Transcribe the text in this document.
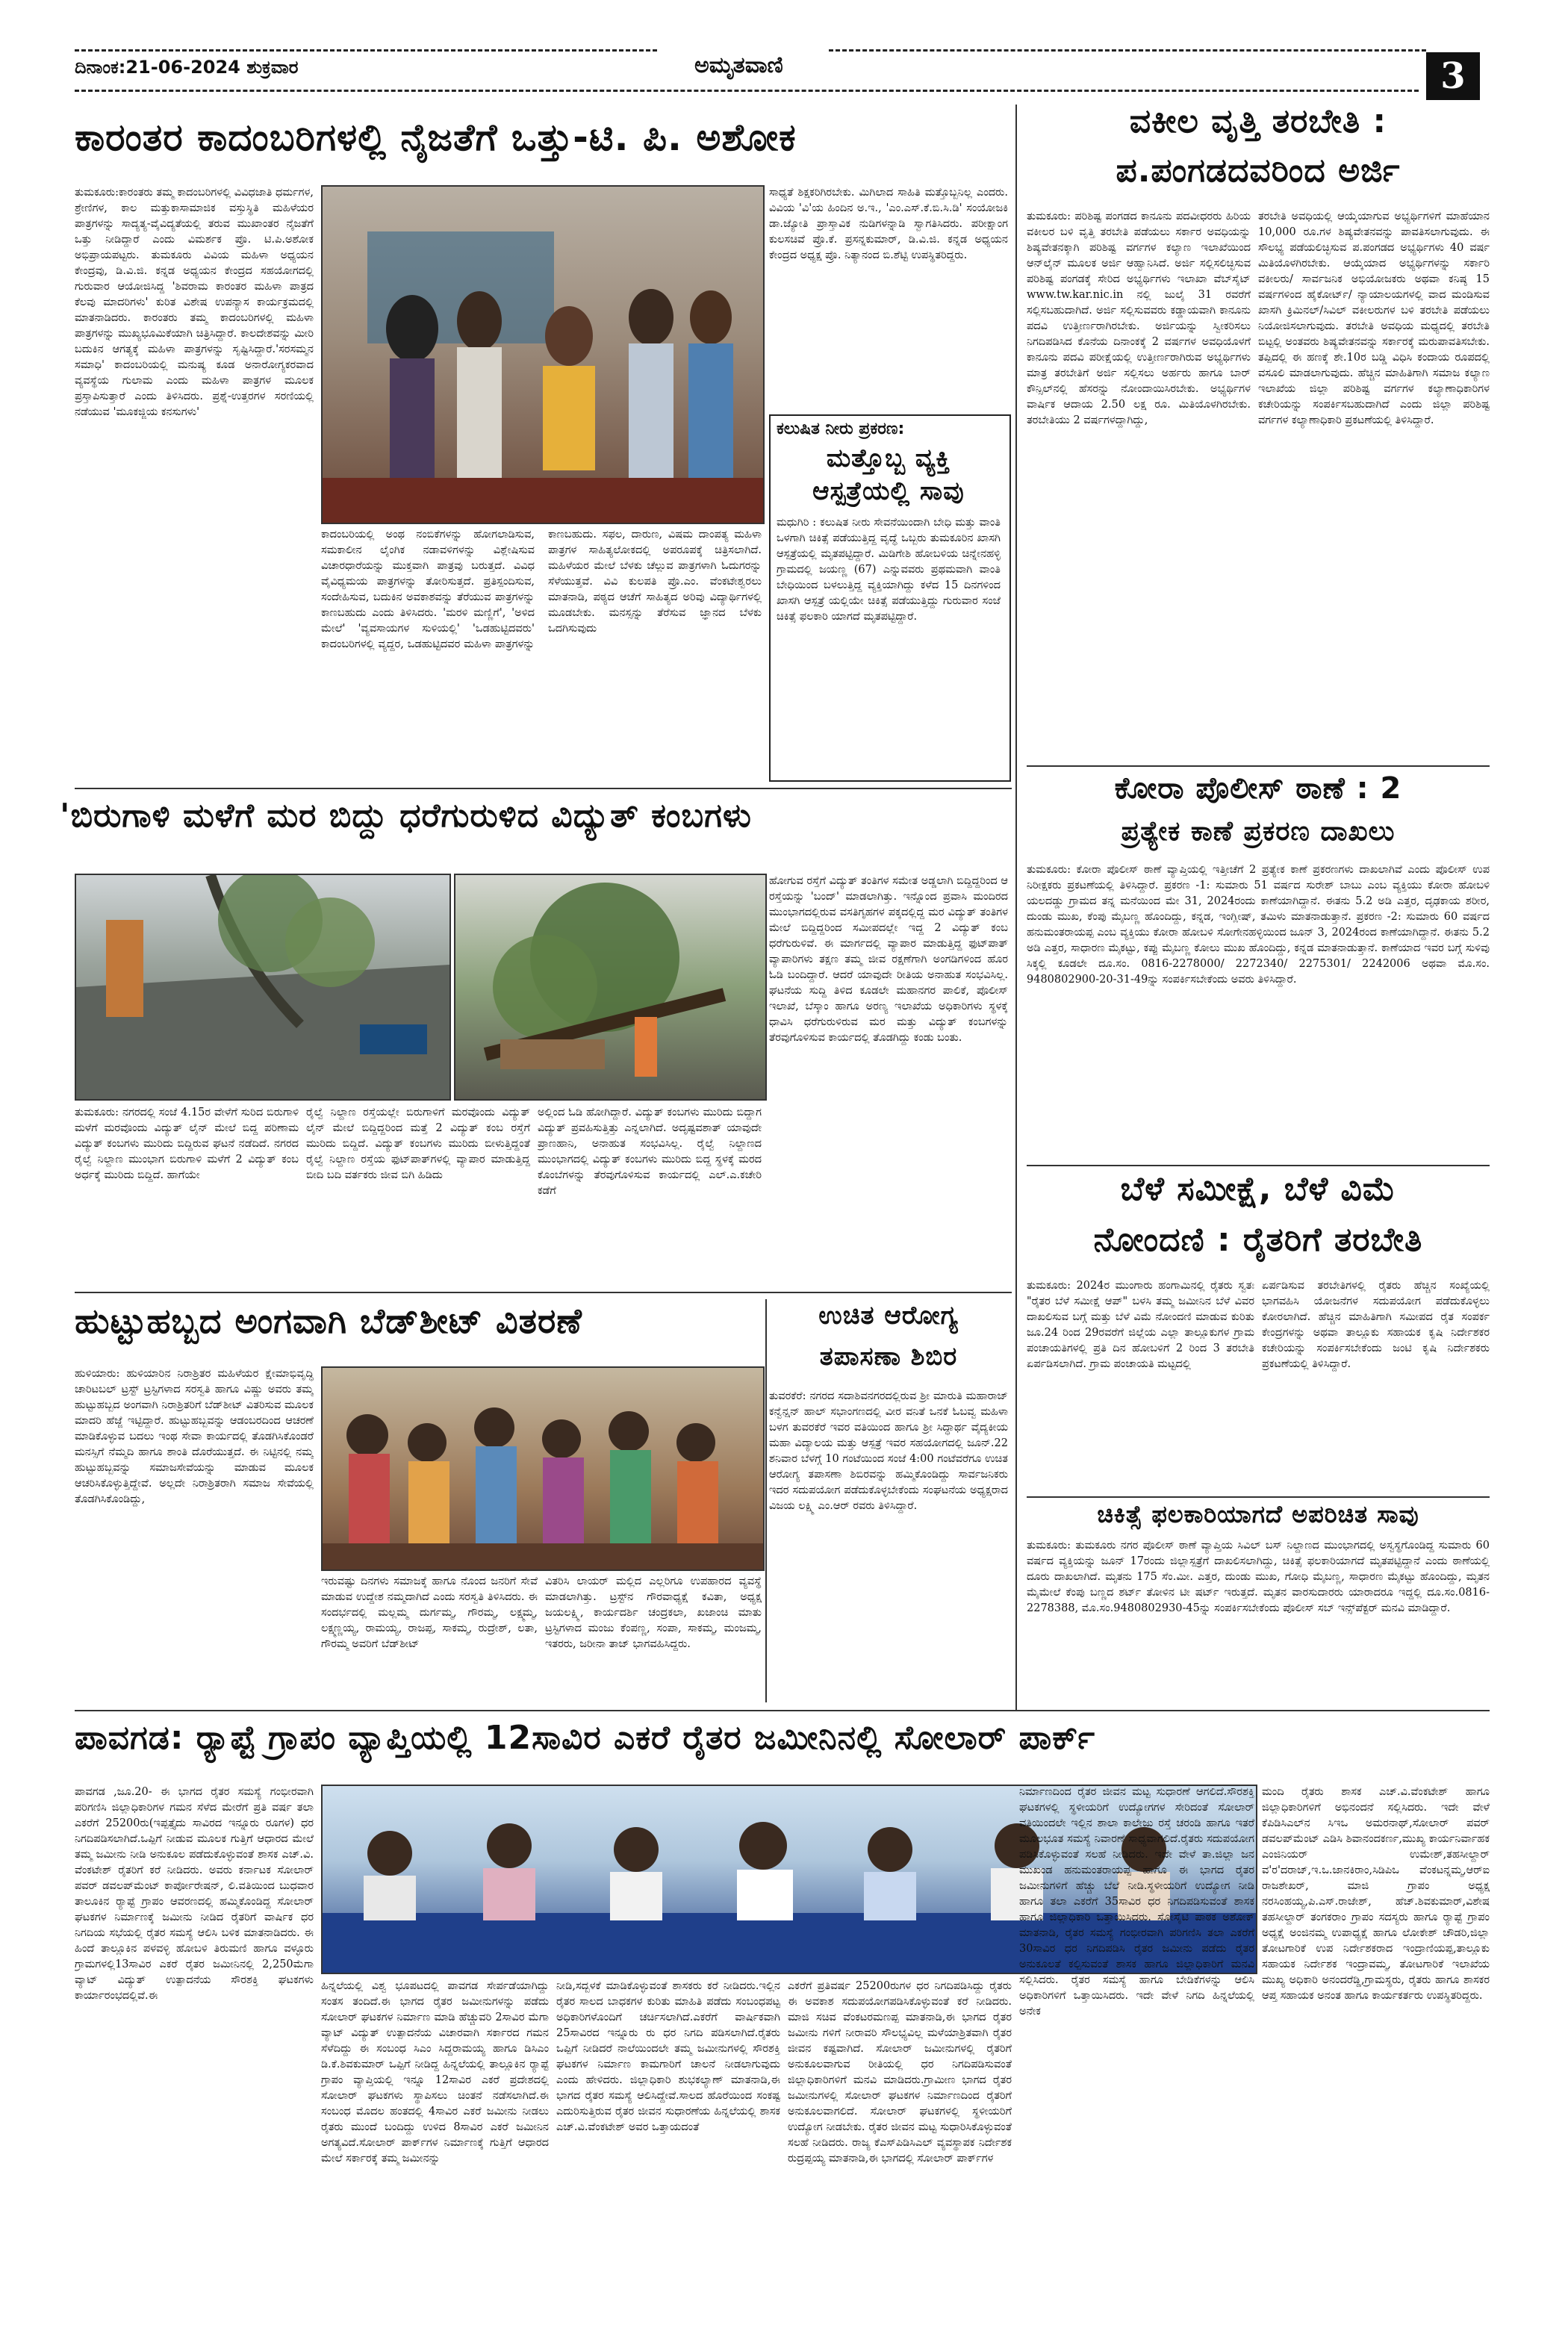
ದಿನಾಂಕ:21-06-2024 ಶುಕ್ರವಾರ	ಅಮೃತವಾಣಿ	3
ಕಾರಂತರ ಕಾದಂಬರಿಗಳಲ್ಲಿ ನೈಜತೆಗೆ ಒತ್ತು-ಟಿ. ಪಿ. ಅಶೋಕ
ತುಮಕೂರು:ಕಾರಂತರು ತಮ್ಮ ಕಾದಂಬರಿಗಳಲ್ಲಿ ವಿವಿಧಜಾತಿ ಧರ್ಮಗಳ, ಶ್ರೇಣಿಗಳ, ಕಾಲ ಮತ್ತುಕಾಸಾಮಾಜಿಕ ವಸ್ತುಸ್ಥಿತಿ ಮಹಿಳೆಯರ ಪಾತ್ರಗಳನ್ನು ಸಾದ್ಯತ್ಯ-ವೈವಿದ್ಯತೆಯಲ್ಲಿ ತರುವ ಮುಖಾಂತರ ನೈಜತೆಗೆ ಒತ್ತು ನೀಡಿದ್ದಾರೆ ಎಂದು ವಿಮರ್ಶಕ ಪ್ರೊ. ಟಿ.ಪಿ.ಅಶೋಕ ಅಭಿಪ್ರಾಯಪಟ್ಟರು. ತುಮಕೂರು ವಿವಿಯ ಮಹಿಳಾ ಅಧ್ಯಯನ ಕೇಂದ್ರವು, ಡಿ.ವಿ.ಜಿ. ಕನ್ನಡ ಅಧ್ಯಯನ ಕೇಂದ್ರದ ಸಹಯೋಗದಲ್ಲಿ ಗುರುವಾರ ಆಯೋಜಿಸಿದ್ದ 'ಶಿವರಾಮ ಕಾರಂತರ ಮಹಿಳಾ ಪಾತ್ರದ ಕೆಲವು ಮಾದರಿಗಳು' ಕುರಿತ ವಿಶೇಷ ಉಪನ್ಯಾಸ ಕಾರ್ಯಕ್ರಮದಲ್ಲಿ ಮಾತನಾಡಿದರು. ಕಾರಂತರು ತಮ್ಮ ಕಾದಂಬರಿಗಳಲ್ಲಿ ಮಹಿಳಾ ಪಾತ್ರಗಳನ್ನು ಮುಖ್ಯಭೂಮಿಕೆಯಾಗಿ ಚಿತ್ರಿಸಿದ್ದಾರೆ. ಕಾಲದೇಶವನ್ನು ಮೀರಿ ಬದುಕಿನ ಆಗತ್ಯಕ್ಕೆ ಮಹಿಳಾ ಪಾತ್ರಗಳನ್ನು ಸೃಷ್ಟಿಸಿದ್ದಾರೆ.'ಸರಸಮ್ಮನ ಸಮಾಧಿ' ಕಾದಂಬರಿಯಲ್ಲಿ ಮನುಷ್ಯ ಕೂಡ ಅನಾರೋಗ್ಯಕರವಾದ ವ್ಯವಸ್ಥೆಯ ಗುಲಾಮ ಎಂದು ಮಹಿಳಾ ಪಾತ್ರಗಳ ಮೂಲಕ ಪ್ರಸ್ತಾಪಿಸುತ್ತಾರೆ ಎಂದು ತಿಳಿಸಿದರು. ಪ್ರಶ್ನೆ-ಉತ್ತರಗಳ ಸರಣಿಯಲ್ಲಿ ನಡೆಯುವ 'ಮೂಕಜ್ಜಿಯ ಕನಸುಗಳು'
ಕಾದಂಬರಿಯಲ್ಲಿ ಅಂಥ ನಂಬಿಕೆಗಳನ್ನು ಹೋಗಲಾಡಿಸುವ, ಸಮಕಾಲೀನ ಲೈಂಗಿಕ ನಡಾವಳಿಗಳನ್ನು ವಿಶ್ಲೇಷಿಸುವ ವಿಚಾರಧಾರೆಯನ್ನು ಮುಕ್ತವಾಗಿ ಪಾತ್ರವು ಬರುತ್ತದೆ. ವಿವಿಧ ವೈವಿಧ್ಯಮಯ ಪಾತ್ರಗಳನ್ನು ತೋರಿಸುತ್ತದೆ. ಪ್ರತಿಸ್ಪಂದಿಸುವ, ಸಂದೇಹಿಸುವ, ಬದುಕಿನ ಅವಕಾಶವನ್ನು ತೆರೆಯುವ ಪಾತ್ರಗಳನ್ನು ಕಾಣಬಹುದು ಎಂದು ತಿಳಿಸಿದರು. 'ಮರಳಿ ಮಣ್ಣಿಗೆ', 'ಅಳಿದ ಮೇಲೆ' 'ವ್ಯವಸಾಯಗಳ ಸುಳಿಯಲ್ಲಿ' 'ಒಡಹುಟ್ಟಿದವರು' ಕಾದಂಬರಿಗಳಲ್ಲಿ ವ್ಯದ್ದರ, ಒಡಹುಟ್ಟಿದವರ ಮಹಿಳಾ ಪಾತ್ರಗಳನ್ನು ಕಾಣಬಹುದು. ಸಫಲ, ದಾರುಣ, ವಿಷಮ ದಾಂಪತ್ಯ ಮಹಿಳಾ ಪಾತ್ರಗಳ ಸಾಹಿತ್ಯಲೋಕದಲ್ಲಿ ಅಪರೂಪಕ್ಕೆ ಚಿತ್ರಿಸಲಾಗಿದೆ. ಮಹಿಳೆಯರ ಮೇಲೆ ಬೆಳಕು ಚೆಲ್ಲುವ ಪಾತ್ರಗಳಾಗಿ ಓದುಗರನ್ನು ಸೆಳೆಯುತ್ತವೆ. ವಿವಿ ಕುಲಪತಿ ಪ್ರೊ.ಎಂ. ವೆಂಕಟೇಶ್ವರಲು ಮಾತನಾಡಿ, ಪಠ್ಯದ ಆಚೆಗೆ ಸಾಹಿತ್ಯದ ಅರಿವು ವಿದ್ಯಾರ್ಥಿಗಳಲ್ಲಿ ಮೂಡಬೇಕು. ಮನಸ್ಸನ್ನು ತೆರೆಸುವ ಜ್ಞಾನದ ಬೆಳಕು ಒದಗಿಸುವುದು
ಸಾಧ್ಯತೆ ಶಿಕ್ಷಕರಿಗಿರಬೇಕು. ಮಿಗಿಲಾದ ಸಾಹಿತಿ ಮತ್ತೊಬ್ಬನಿಲ್ಲ ಎಂದರು. ವಿವಿಯ 'ವಿ'ಯ ಹಿಂದಿನ ಅ.ಇ., 'ಎಂ.ಎಸ್.ಕೆ.ಬಿ.ಸಿ.ಡಿ' ಸಂಯೋಜಕಿ ಡಾ.ಜ್ಯೋತಿ ಪ್ರಾಸ್ತಾವಿಕ ನುಡಿಗಳನ್ನಾಡಿ ಸ್ವಾಗತಿಸಿದರು. ಪರೀಕ್ಷಾಂಗ ಕುಲಸಚಿವೆ ಪ್ರೊ.ಕೆ. ಪ್ರಸನ್ನಕುಮಾರ್, ಡಿ.ವಿ.ಜಿ. ಕನ್ನಡ ಅಧ್ಯಯನ ಕೇಂದ್ರದ ಅಧ್ಯಕ್ಷ ಪ್ರೊ. ನಿತ್ಯಾನಂದ ಬಿ.ಶೆಟ್ಟಿ ಉಪಸ್ಥಿತರಿದ್ದರು.
ಕಲುಷಿತ ನೀರು ಪ್ರಕರಣ:
ಮತ್ತೊಬ್ಬ ವ್ಯಕ್ತಿ ಆಸ್ಪತ್ರೆಯಲ್ಲಿ ಸಾವು
ಮಧುಗಿರಿ : ಕಲುಷಿತ ನೀರು ಸೇವನೆಯಿಂದಾಗಿ ಬೇಧಿ ಮತ್ತು ವಾಂತಿ ಒಳಗಾಗಿ ಚಿಕಿತ್ಸೆ ಪಡೆಯುತ್ತಿದ್ದ ವೃದ್ಧೆ ಒಬ್ಬರು ತುಮಕೂರಿನ ಖಾಸಗಿ ಆಸ್ಪತ್ರೆಯಲ್ಲಿ ಮೃತಪಟ್ಟಿದ್ದಾರೆ. ಮಿಡಿಗೇಶಿ ಹೋಬಳಿಯ ಚಿನ್ನೇನಹಳ್ಳಿ ಗ್ರಾಮದಲ್ಲಿ ಜಯಣ್ಣ (67) ಎನ್ನುವವರು ಪ್ರಥಮವಾಗಿ ವಾಂತಿ ಬೇಧಿಯಿಂದ ಬಳಲುತ್ತಿದ್ದ ವ್ಯಕ್ತಿಯಾಗಿದ್ದು ಕಳೆದ 15 ದಿನಗಳಿಂದ ಖಾಸಗಿ ಆಸ್ಪತ್ರೆ ಯಲ್ಲಿಯೇ ಚಿಕಿತ್ಸೆ ಪಡೆಯುತ್ತಿದ್ದು ಗುರುವಾರ ಸಂಜೆ ಚಿಕಿತ್ಸೆ ಫಲಕಾರಿ ಯಾಗದೆ ಮೃತಪಟ್ಟಿದ್ದಾರೆ.
ವಕೀಲ ವೃತ್ತಿ ತರಬೇತಿ :
ಪ.ಪಂಗಡದವರಿಂದ ಅರ್ಜಿ
ತುಮಕೂರು: ಪರಿಶಿಷ್ಟ ಪಂಗಡದ ಕಾನೂನು ಪದವೀಧರರು ಹಿರಿಯ ವಕೀಲರ ಬಳಿ ವೃತ್ತಿ ತರಬೇತಿ ಪಡೆಯಲು ಸರ್ಕಾರ ಅವಧಿಯನ್ನು ಶಿಷ್ಯವೇತನಕ್ಕಾಗಿ ಪರಿಶಿಷ್ಟ ವರ್ಗಗಳ ಕಲ್ಯಾಣ ಇಲಾಖೆಯಿಂದ ಆನ್‌ಲೈನ್ ಮೂಲಕ ಅರ್ಜಿ ಆಹ್ವಾನಿಸಿದೆ. ಅರ್ಜಿ ಸಲ್ಲಿಸಲಿಚ್ಛಿಸುವ ಪರಿಶಿಷ್ಟ ಪಂಗಡಕ್ಕೆ ಸೇರಿದ ಅಭ್ಯರ್ಥಿಗಳು ಇಲಾಖಾ ವೆಬ್‌ಸೈಟ್ www.tw.kar.nic.in ನಲ್ಲಿ ಜುಲೈ 31 ರವರೆಗೆ ಸಲ್ಲಿಸಬಹುದಾಗಿದೆ. ಅರ್ಜಿ ಸಲ್ಲಿಸುವವರು ಕಡ್ಡಾಯವಾಗಿ ಕಾನೂನು ಪದವಿ ಉತ್ತೀರ್ಣರಾಗಿರಬೇಕು. ಅರ್ಜಿಯನ್ನು ಸ್ವೀಕರಿಸಲು ನಿಗದಿಪಡಿಸಿದ ಕೊನೆಯ ದಿನಾಂಕಕ್ಕೆ 2 ವರ್ಷಗಳ ಅವಧಿಯೊಳಗೆ ಕಾನೂನು ಪದವಿ ಪರೀಕ್ಷೆಯಲ್ಲಿ ಉತ್ತೀರ್ಣರಾಗಿರುವ ಅಭ್ಯರ್ಥಿಗಳು ಮಾತ್ರ ತರಬೇತಿಗೆ ಅರ್ಜಿ ಸಲ್ಲಿಸಲು ಅರ್ಹರು ಹಾಗೂ ಬಾರ್ ಕೌನ್ಸಿಲ್‌ನಲ್ಲಿ ಹೆಸರನ್ನು ನೋಂದಾಯಿಸಿರಬೇಕು. ಅಭ್ಯರ್ಥಿಗಳ ವಾರ್ಷಿಕ ಆದಾಯ 2.50 ಲಕ್ಷ ರೂ. ಮಿತಿಯೊಳಗಿರಬೇಕು. ತರಬೇತಿಯು 2 ವರ್ಷಗಳದ್ದಾಗಿದ್ದು,
ತರಬೇತಿ ಅವಧಿಯಲ್ಲಿ ಆಯ್ಕೆಯಾಗುವ ಅಭ್ಯರ್ಥಿಗಳಿಗೆ ಮಾಹೆಯಾನ 10,000 ರೂ.ಗಳ ಶಿಷ್ಯವೇತನವನ್ನು ಪಾವತಿಸಲಾಗುವುದು. ಈ ಸೌಲಭ್ಯ ಪಡೆಯಲಿಚ್ಛಿಸುವ ಪ.ಪಂಗಡದ ಅಭ್ಯರ್ಥಿಗಳು 40 ವರ್ಷ ಮಿತಿಯೊಳಗಿರಬೇಕು. ಆಯ್ಕೆಯಾದ ಅಭ್ಯರ್ಥಿಗಳನ್ನು ಸರ್ಕಾರಿ ವಕೀಲರು/ ಸಾರ್ವಜನಿಕ ಅಭಿಯೋಜಕರು ಅಥವಾ ಕನಿಷ್ಠ 15 ವರ್ಷಗಳಿಂದ ಹೈಕೋರ್ಟ್/ ನ್ಯಾಯಾಲಯಗಳಲ್ಲಿ ವಾದ ಮಂಡಿಸುವ ಖಾಸಗಿ ಕ್ರಿಮಿನಲ್/ಸಿವಿಲ್ ವಕೀಲರುಗಳ ಬಳಿ ತರಬೇತಿ ಪಡೆಯಲು ನಿಯೋಜಿಸಲಾಗುವುದು. ತರಬೇತಿ ಅವಧಿಯ ಮಧ್ಯದಲ್ಲಿ ತರಬೇತಿ ಬಿಟ್ಟಲ್ಲಿ ಅಂತವರು ಶಿಷ್ಯವೇತನವನ್ನು ಸರ್ಕಾರಕ್ಕೆ ಮರುಪಾವತಿಸಬೇಕು. ತಪ್ಪಿದಲ್ಲಿ ಈ ಹಣಕ್ಕೆ ಶೇ.10ರ ಬಡ್ಡಿ ವಿಧಿಸಿ ಕಂದಾಯ ರೂಪದಲ್ಲಿ ವಸೂಲಿ ಮಾಡಲಾಗುವುದು. ಹೆಚ್ಚಿನ ಮಾಹಿತಿಗಾಗಿ ಸಮಾಜ ಕಲ್ಯಾಣ ಇಲಾಖೆಯ ಜಿಲ್ಲಾ ಪರಿಶಿಷ್ಟ ವರ್ಗಗಳ ಕಲ್ಯಾಣಾಧಿಕಾರಿಗಳ ಕಚೇರಿಯನ್ನು ಸಂಪರ್ಕಿಸಬಹುದಾಗಿದೆ ಎಂದು ಜಿಲ್ಲಾ ಪರಿಶಿಷ್ಟ ವರ್ಗಗಳ ಕಲ್ಯಾಣಾಧಿಕಾರಿ ಪ್ರಕಟಣೆಯಲ್ಲಿ ತಿಳಿಸಿದ್ದಾರೆ.
ಕೋರಾ ಪೊಲೀಸ್ ಠಾಣೆ : 2
ಪ್ರತ್ಯೇಕ ಕಾಣೆ ಪ್ರಕರಣ ದಾಖಲು
ತುಮಕೂರು: ಕೋರಾ ಪೊಲೀಸ್ ಠಾಣೆ ವ್ಯಾಪ್ತಿಯಲ್ಲಿ ಇತ್ತೀಚೆಗೆ 2 ಪ್ರತ್ಯೇಕ ಕಾಣೆ ಪ್ರಕರಣಗಳು ದಾಖಲಾಗಿವೆ ಎಂದು ಪೊಲೀಸ್ ಉಪ ನಿರೀಕ್ಷಕರು ಪ್ರಕಟಣೆಯಲ್ಲಿ ತಿಳಿಸಿದ್ದಾರೆ. ಪ್ರಕರಣ -1: ಸುಮಾರು 51 ವರ್ಷದ ಸುರೇಶ್ ಬಾಬು ಎಂಬ ವ್ಯಕ್ತಿಯು ಕೋರಾ ಹೋಬಳಿ ಯಲದಡ್ಡು ಗ್ರಾಮದ ತನ್ನ ಮನೆಯಿಂದ ಮೇ 31, 2024ರಂದು ಕಾಣೆಯಾಗಿದ್ದಾನೆ. ಈತನು 5.2 ಅಡಿ ಎತ್ತರ, ದೃಢಕಾಯ ಶರೀರ, ದುಂಡು ಮುಖ, ಕೆಂಪು ಮೈಬಣ್ಣ ಹೊಂದಿದ್ದು, ಕನ್ನಡ, ಇಂಗ್ಲೀಷ್, ತಮಿಳು ಮಾತನಾಡುತ್ತಾನೆ. ಪ್ರಕರಣ -2: ಸುಮಾರು 60 ವರ್ಷದ ಹನುಮಂತರಾಯಪ್ಪ ಎಂಬ ವ್ಯಕ್ತಿಯು ಕೋರಾ ಹೋಬಳಿ ಸೋಗೇನಹಳ್ಳಿಯಿಂದ ಜೂನ್ 3, 2024ರಂದ ಕಾಣೆಯಾಗಿದ್ದಾನೆ. ಈತನು 5.2 ಅಡಿ ಎತ್ತರ, ಸಾಧಾರಣ ಮೈಕಟ್ಟು, ಕಪ್ಪು ಮೈಬಣ್ಣ ಕೋಲು ಮುಖ ಹೊಂದಿದ್ದು, ಕನ್ನಡ ಮಾತನಾಡುತ್ತಾನೆ. ಕಾಣೆಯಾದ ಇವರ ಬಗ್ಗೆ ಸುಳಿವು ಸಿಕ್ಕಲ್ಲಿ ಕೂಡಲೇ ದೂ.ಸಂ. 0816-2278000/ 2272340/ 2275301/ 2242006 ಅಥವಾ ಮೊ.ಸಂ. 9480802900-20-31-49ನ್ನು ಸಂಪರ್ಕಿಸಬೇಕೆಂದು ಅವರು ತಿಳಿಸಿದ್ದಾರೆ.
ಬೆಳೆ ಸಮೀಕ್ಷೆ, ಬೆಳೆ ವಿಮೆ
ನೋಂದಣಿ : ರೈತರಿಗೆ ತರಬೇತಿ
ತುಮಕೂರು: 2024ರ ಮುಂಗಾರು ಹಂಗಾಮಿನಲ್ಲಿ ರೈತರು ಸ್ವತಃ "ರೈತರ ಬೆಳೆ ಸಮೀಕ್ಷೆ ಆಪ್" ಬಳಸಿ ತಮ್ಮ ಜಮೀನಿನ ಬೆಳೆ ವಿವರ ದಾಖಲಿಸುವ ಬಗ್ಗೆ ಮತ್ತು ಬೆಳೆ ವಿಮೆ ನೋಂದಣಿ ಮಾಡುವ ಕುರಿತು ಜೂ.24 ರಿಂದ 29ರವರೆಗೆ ಜಿಲ್ಲೆಯ ಎಲ್ಲಾ ತಾಲ್ಲೂಕುಗಳ ಗ್ರಾಮ ಪಂಚಾಯತಿಗಳಲ್ಲಿ ಪ್ರತಿ ದಿನ ಹೋಬಳಿಗೆ 2 ರಿಂದ 3 ತರಬೇತಿ ಏರ್ಪಡಿಸಲಾಗಿದೆ. ಗ್ರಾಮ ಪಂಚಾಯತಿ ಮಟ್ಟದಲ್ಲಿ
ಏರ್ಪಡಿಸುವ ತರಬೇತಿಗಳಲ್ಲಿ ರೈತರು ಹೆಚ್ಚಿನ ಸಂಖ್ಯೆಯಲ್ಲಿ ಭಾಗವಹಿಸಿ ಯೋಜನೆಗಳ ಸದುಪಯೋಗ ಪಡೆದುಕೊಳ್ಳಲು ಕೋರಲಾಗಿದೆ. ಹೆಚ್ಚಿನ ಮಾಹಿತಿಗಾಗಿ ಸಮೀಪದ ರೈತ ಸಂಪರ್ಕ ಕೇಂದ್ರಗಳನ್ನು ಅಥವಾ ತಾಲ್ಲೂಕು ಸಹಾಯಕ ಕೃಷಿ ನಿರ್ದೇಶಕರ ಕಚೇರಿಯನ್ನು ಸಂಪರ್ಕಿಸಬೇಕೆಂದು ಜಂಟಿ ಕೃಷಿ ನಿರ್ದೇಶಕರು ಪ್ರಕಟಣೆಯಲ್ಲಿ ತಿಳಿಸಿದ್ದಾರೆ.
ಚಿಕಿತ್ಸೆ ಫಲಕಾರಿಯಾಗದೆ ಅಪರಿಚಿತ ಸಾವು
ತುಮಕೂರು: ತುಮಕೂರು ನಗರ ಪೊಲೀಸ್ ಠಾಣೆ ವ್ಯಾಪ್ತಿಯ ಸಿವಿಲ್ ಬಸ್ ನಿಲ್ದಾಣದ ಮುಂಭಾಗದಲ್ಲಿ ಅಸ್ವಸ್ಥಗೊಂಡಿದ್ದ ಸುಮಾರು 60 ವರ್ಷದ ವ್ಯಕ್ತಿಯನ್ನು ಜೂನ್ 17ರಂದು ಜಿಲ್ಲಾಸ್ಪತ್ರೆಗೆ ದಾಖಲಿಸಲಾಗಿದ್ದು, ಚಿಕಿತ್ಸೆ ಫಲಕಾರಿಯಾಗದೆ ಮೃತಪಟ್ಟಿದ್ದಾನೆ ಎಂದು ಠಾಣೆಯಲ್ಲಿ ದೂರು ದಾಖಲಾಗಿದೆ. ಮೃತನು 175 ಸೆಂ.ಮೀ. ಎತ್ತರ, ದುಂಡು ಮುಖ, ಗೋಧಿ ಮೈಬಣ್ಣ, ಸಾಧಾರಣ ಮೈಕಟ್ಟು ಹೊಂದಿದ್ದು, ಮೃತನ ಮೈಮೇಲೆ ಕೆಂಪು ಬಣ್ಣದ ಶರ್ಟ್ ತೋಳಿನ ಟೀ ಷರ್ಟ್ ಇರುತ್ತದೆ. ಮೃತನ ವಾರಸುದಾರರು ಯಾರಾದರೂ ಇದ್ದಲ್ಲಿ ದೂ.ಸಂ.0816-2278388, ಮೊ.ಸಂ.9480802930-45ನ್ನು ಸಂಪರ್ಕಿಸಬೇಕೆಂದು ಪೊಲೀಸ್ ಸಬ್ ಇನ್ಸ್‌ಪೆಕ್ಟರ್ ಮನವಿ ಮಾಡಿದ್ದಾರೆ.
'ಬಿರುಗಾಳಿ ಮಳೆಗೆ ಮರ ಬಿದ್ದು ಧರೆಗುರುಳಿದ ವಿದ್ಯುತ್ ಕಂಬಗಳು
ತುಮಕೂರು: ನಗರದಲ್ಲಿ ಸಂಜೆ 4.15ರ ವೇಳೆಗೆ ಸುರಿದ ಬಿರುಗಾಳಿ ಮಳೆಗೆ ಮರವೊಂದು ವಿದ್ಯುತ್ ಲೈನ್ ಮೇಲೆ ಬಿದ್ದ ಪರಿಣಾಮ ವಿದ್ಯುತ್ ಕಂಬಗಳು ಮುರಿದು ಬಿದ್ದಿರುವ ಘಟನೆ ನಡೆದಿದೆ. ನಗರದ ರೈಲ್ವೆ ನಿಲ್ದಾಣ ಮುಂಭಾಗ ಬಿರುಗಾಳಿ ಮಳೆಗೆ 2 ವಿದ್ಯುತ್ ಕಂಬ ಅರ್ಧಕ್ಕೆ ಮುರಿದು ಬಿದ್ದಿದೆ. ಹಾಗೆಯೇ
ರೈಲ್ವೆ ನಿಲ್ದಾಣ ರಸ್ತೆಯಲ್ಲೇ ಬಿರುಗಾಳಿಗೆ ಮರವೊಂದು ವಿದ್ಯುತ್ ಲೈನ್ ಮೇಲೆ ಬಿದ್ದಿದ್ದರಿಂದ ಮತ್ತೆ 2 ವಿದ್ಯುತ್ ಕಂಬ ರಸ್ತೆಗೆ ಮುರಿದು ಬಿದ್ದಿದೆ. ವಿದ್ಯುತ್ ಕಂಬಗಳು ಮುರಿದು ಬೀಳುತ್ತಿದ್ದಂತೆ ರೈಲ್ವೆ ನಿಲ್ದಾಣ ರಸ್ತೆಯ ಫುಟ್‌ಪಾತ್‌ಗಳಲ್ಲಿ ವ್ಯಾಪಾರ ಮಾಡುತ್ತಿದ್ದ ಬೀದಿ ಬದಿ ವರ್ತಕರು ಜೀವ ಬಿಗಿ ಹಿಡಿದು
ಅಲ್ಲಿಂದ ಓಡಿ ಹೋಗಿದ್ದಾರೆ. ವಿದ್ಯುತ್ ಕಂಬಗಳು ಮುರಿದು ಬಿದ್ದಾಗ ವಿದ್ಯುತ್ ಪ್ರವಹಿಸುತ್ತಿತ್ತು ಎನ್ನಲಾಗಿದೆ. ಅದೃಷ್ಟವಶಾತ್ ಯಾವುದೇ ಪ್ರಾಣಹಾನಿ, ಅನಾಹುತ ಸಂಭವಿಸಿಲ್ಲ. ರೈಲ್ವೆ ನಿಲ್ದಾಣದ ಮುಂಭಾಗದಲ್ಲಿ ವಿದ್ಯುತ್ ಕಂಬಗಳು ಮುರಿದು ಬಿದ್ದ ಸ್ಥಳಕ್ಕೆ ಮರದ ಕೊಂಬೆಗಳನ್ನು ತೆರವುಗೊಳಿಸುವ ಕಾರ್ಯದಲ್ಲಿ ಎಲ್.ಎ.ಕಚೇರಿ ಕಡೆಗೆ
ಹೋಗುವ ರಸ್ತೆಗೆ ವಿದ್ಯುತ್ ತಂತಿಗಳ ಸಮೇತ ಅಡ್ಡಲಾಗಿ ಬಿದ್ದಿದ್ದರಿಂದ ಆ ರಸ್ತೆಯನ್ನು 'ಬಂದ್' ಮಾಡಲಾಗಿತ್ತು. ಇನ್ನೊಂದ ಪ್ರವಾಸಿ ಮಂದಿರದ ಮುಂಭಾಗದಲ್ಲಿರುವ ವಸತಿಗೃಹಗಳ ಪಕ್ಕದಲ್ಲಿದ್ದ ಮರ ವಿದ್ಯುತ್ ತಂತಿಗಳ ಮೇಲೆ ಬಿದ್ದಿದ್ದರಿಂದ ಸಮೀಪದಲ್ಲೇ ಇದ್ದ 2 ವಿದ್ಯುತ್ ಕಂಬ ಧರೆಗುರುಳಿವೆ. ಈ ಮಾರ್ಗದಲ್ಲಿ ವ್ಯಾಪಾರ ಮಾಡುತ್ತಿದ್ದ ಫುಟ್‌ಪಾತ್ ವ್ಯಾಪಾರಿಗಳು ತಕ್ಷಣ ತಮ್ಮ ಜೀವ ರಕ್ಷಣೆಗಾಗಿ ಅಂಗಡಿಗಳಿಂದ ಹೊರ ಓಡಿ ಬಂದಿದ್ದಾರೆ. ಆದರೆ ಯಾವುದೇ ರೀತಿಯ ಅನಾಹುತ ಸಂಭವಿಸಿಲ್ಲ. ಘಟನೆಯ ಸುದ್ದಿ ತಿಳಿದ ಕೂಡಲೇ ಮಹಾನಗರ ಪಾಲಿಕೆ, ಪೊಲೀಸ್ ಇಲಾಖೆ, ಬೆಸ್ಕಾಂ ಹಾಗೂ ಅರಣ್ಯ ಇಲಾಖೆಯ ಅಧಿಕಾರಿಗಳು ಸ್ಥಳಕ್ಕೆ ಧಾವಿಸಿ ಧರೆಗುರುಳಿರುವ ಮರ ಮತ್ತು ವಿದ್ಯುತ್ ಕಂಬಗಳನ್ನು ತೆರವುಗೊಳಿಸುವ ಕಾರ್ಯದಲ್ಲಿ ತೊಡಗಿದ್ದು ಕಂಡು ಬಂತು.
ಹುಟ್ಟುಹಬ್ಬದ ಅಂಗವಾಗಿ ಬೆಡ್‌ಶೀಟ್ ವಿತರಣೆ
ಹುಳಿಯಾರು: ಹುಳಿಯಾರಿನ ನಿರಾಶ್ರಿತರ ಮಹಿಳೆಯರ ಕ್ಷೇಮಾಭಿವೃದ್ಧಿ ಚಾರಿಟಬಲ್ ಟ್ರಸ್ಟ್ ಟ್ರಸ್ಟಿಗಳಾದ ಸರಸ್ವತಿ ಹಾಗೂ ವಿಷ್ಣು ಅವರು ತಮ್ಮ ಹುಟ್ಟುಹಬ್ಬದ ಅಂಗವಾಗಿ ನಿರಾಶ್ರಿತರಿಗೆ ಬೆಡ್‌ಶೀಟ್ ವಿತರಿಸುವ ಮೂಲಕ ಮಾದರಿ ಹೆಜ್ಜೆ ಇಟ್ಟಿದ್ದಾರೆ. ಹುಟ್ಟುಹಬ್ಬವನ್ನು ಆಡಂಬರದಿಂದ ಆಚರಣೆ ಮಾಡಿಕೊಳ್ಳುವ ಬದಲು ಇಂಥ ಸೇವಾ ಕಾರ್ಯದಲ್ಲಿ ತೊಡಗಿಸಿಕೊಂಡರೆ ಮನಸ್ಸಿಗೆ ನೆಮ್ಮದಿ ಹಾಗೂ ಶಾಂತಿ ದೊರೆಯುತ್ತದೆ. ಈ ನಿಟ್ಟಿನಲ್ಲಿ ನಮ್ಮ ಹುಟ್ಟುಹಬ್ಬವನ್ನು ಸಮಾಜಸೇವೆಯನ್ನು ಮಾಡುವ ಮೂಲಕ ಆಚರಿಸಿಕೊಳ್ಳುತ್ತಿದ್ದೇವೆ. ಅಲ್ಲದೇ ನಿರಾಶ್ರಿತರಾಗಿ ಸಮಾಜ ಸೇವೆಯಲ್ಲಿ ತೊಡಗಿಸಿಕೊಂಡಿದ್ದು,
ಇರುವಷ್ಟು ದಿನಗಳು ಸಮಾಜಕ್ಕೆ ಹಾಗೂ ನೊಂದ ಜನರಿಗೆ ಸೇವೆ ಮಾಡುವ ಉದ್ದೇಶ ನಮ್ಮದಾಗಿದೆ ಎಂದು ಸರಸ್ವತಿ ತಿಳಿಸಿದರು. ಈ ಸಂದರ್ಭದಲ್ಲಿ ಮಲ್ಲಮ್ಮ ದುರ್ಗಮ್ಮ, ಗೌರಮ್ಮ, ಲಕ್ಷ್ಮಮ್ಮ, ಲಕ್ಷ್ಮಣ್ಣಯ್ಯ, ರಾಮಯ್ಯ, ರಾಜಪ್ಪ, ಸಾಕಮ್ಮ, ರುದ್ರೇಶ್, ಲತಾ, ಗೌರಮ್ಮ ಅವರಿಗೆ ಬೆಡ್‌ಶೀಟ್
ವಿತರಿಸಿ ಲಾಯರ್ ಮಲ್ಲಿದ ಎಲ್ಲರಿಗೂ ಉಪಹಾರದ ವ್ಯವಸ್ಥೆ ಮಾಡಲಾಗಿತ್ತು. ಟ್ರಸ್ಟ್‌ನ ಗೌರವಾಧ್ಯಕ್ಷೆ ಕವಿತಾ, ಅಧ್ಯಕ್ಷ ಜಯಲಕ್ಷ್ಮಿ, ಕಾರ್ಯದರ್ಶಿ ಚಂದ್ರಕಲಾ, ಖಜಾಂಚಿ ಮಾತು ಟ್ರಸ್ಟಿಗಳಾದ ಮಂಜು ಕೆಂಪಣ್ಣ, ಸಂಪಾ, ಸಾಕಮ್ಮ, ಮಂಜಮ್ಮ, ಇತರರು, ಜರೀನಾ ತಾಜ್ ಭಾಗವಹಿಸಿದ್ದರು.
ಉಚಿತ ಆರೋಗ್ಯ
ತಪಾಸಣಾ ಶಿಬಿರ
ತುವರಕೆರೆ: ನಗರದ ಸದಾಶಿವನಗರದಲ್ಲಿರುವ ಶ್ರೀ ಮಾರುತಿ ಮಹಾರಾಜ್ ಕನ್ವೆನ್ಷನ್ ಹಾಲ್ ಸಭಾಂಗಣದಲ್ಲಿ ವೀರ ವನಿತೆ ಒನಕೆ ಓಬವ್ವ ಮಹಿಳಾ ಬಳಗ ತುವರಕೆರೆ ಇವರ ವತಿಯಿಂದ ಹಾಗೂ ಶ್ರೀ ಸಿದ್ಧಾರ್ಥ ವೈದ್ಯಕೀಯ ಮಹಾ ವಿದ್ಯಾಲಯ ಮತ್ತು ಆಸ್ಪತ್ರೆ ಇವರ ಸಹಯೋಗದಲ್ಲಿ ಜೂನ್.22 ಶನಿವಾರ ಬೆಳಗ್ಗೆ 10 ಗಂಟೆಯಿಂದ ಸಂಜೆ 4:00 ಗಂಟೆವರೆಗೂ ಉಚಿತ ಆರೋಗ್ಯ ತಪಾಸಣಾ ಶಿಬಿರವನ್ನು ಹಮ್ಮಿಕೊಂಡಿದ್ದು ಸಾರ್ವಜನಿಕರು ಇದರ ಸದುಪಯೋಗ ಪಡೆದುಕೊಳ್ಳಬೇಕೆಂದು ಸಂಘಟನೆಯ ಅಧ್ಯಕ್ಷರಾದ ವಿಜಯ ಲಕ್ಷ್ಮಿ ಎಂ.ಆರ್ ರವರು ತಿಳಿಸಿದ್ದಾರೆ.
ಪಾವಗಡ: ರ‍್ಯಾಪ್ಟೆ ಗ್ರಾಪಂ ವ್ಯಾಪ್ತಿಯಲ್ಲಿ 12ಸಾವಿರ ಎಕರೆ ರೈತರ ಜಮೀನಿನಲ್ಲಿ ಸೋಲಾರ್ ಪಾರ್ಕ್
ಪಾವಗಡ ,ಜೂ.20- ಈ ಭಾಗದ ರೈತರ ಸಮಸ್ಯೆ ಗಂಭೀರವಾಗಿ ಪರಿಗಣಿಸಿ ಜಿಲ್ಲಾಧಿಕಾರಿಗಳ ಗಮನ ಸೆಳೆದ ಮೇರೆಗೆ ಪ್ರತಿ ವರ್ಷ ತಲಾ ಎಕರೆಗೆ 25200ರು(ಇಪ್ಪತ್ತೈದು ಸಾವಿರದ ಇನ್ನೂರು ರೂಗಳ) ಧರ ನಿಗದಿಪಡಿಸಲಾಗಿದೆ.ಒಪ್ಪಿಗೆ ನೀಡುವ ಮೂಲಕ ಗುತ್ತಿಗೆ ಆಧಾರದ ಮೇಲೆ ತಮ್ಮ ಜಮೀನು ನೀಡಿ ಅನುಕೂಲ ಪಡೆದುಕೊಳ್ಳುವಂತೆ ಶಾಸಕ ಎಚ್.ವಿ. ವೆಂಕಟೇಶ್ ರೈತರಿಗೆ ಕರೆ ನೀಡಿದರು. ಅವರು ಕರ್ನಾಟಕ ಸೋಲಾರ್ ಪವರ್ ಡವಲಪ್‌ಮೆಂಟ್ ಕಾರ್ಪೋರೇಷನ್, ಲಿ.ವತಿಯಿಂದ ಬುಧವಾರ ತಾಲೂಕಿನ ರ‍್ಯಾಪ್ಟೆ ಗ್ರಾಪಂ ಆವರಣದಲ್ಲಿ ಹಮ್ಮಿಕೊಂಡಿದ್ದ ಸೋಲಾರ್ ಘಟಕಗಳ ನಿರ್ಮಾಣಕ್ಕೆ ಜಮೀನು ನೀಡಿದ ರೈತರಿಗೆ ವಾರ್ಷಿಕ ಧರ ನಿಗದಿಯ ಸಭೆಯಲ್ಲಿ ರೈತರ ಸಮಸ್ಯೆ ಆಲಿಸಿ ಬಳಿಕ ಮಾತನಾಡಿದರು. ಈ ಹಿಂದೆ ತಾಲ್ಲೂಕಿನ ಪಳವಳ್ಳಿ ಹೋಬಳಿ ತಿರುಮಣಿ ಹಾಗೂ ವಳ್ಳೂರು ಗ್ರಾಮಗಳಲ್ಲಿ13ಸಾವಿರ ಎಕರೆ ರೈತರ ಜಮೀನಿನಲ್ಲಿ 2,250ಮೆಗಾ ವ್ಯಾಟ್ ವಿದ್ಯುತ್ ಉತ್ಪಾದನೆಯ ಸೌರಶಕ್ತಿ ಘಟಕಗಳು ಕಾರ್ಯಾರಂಭದಲ್ಲಿವೆ.ಈ
ಹಿನ್ನಲೆಯಲ್ಲಿ ವಿಶ್ವ ಭೂಪಟದಲ್ಲಿ ಪಾವಗಡ ಸೇರ್ಪಡೆಯಾಗಿದ್ದು ಸಂತಸ ತಂದಿದೆ.ಈ ಭಾಗದ ರೈತರ ಜಮೀನುಗಳನ್ನು ಪಡೆದು ಸೋಲಾರ್ ಘಟಕಗಳ ನಿರ್ಮಾಣ ಮಾಡಿ ಹೆಚ್ಚುವರಿ 2ಸಾವಿರ ಮೆಗಾ ವ್ಯಾಟ್ ವಿದ್ಯುತ್ ಉತ್ಪಾದನೆಯ ವಿಚಾರವಾಗಿ ಸರ್ಕಾರದ ಗಮನ ಸೆಳೆದಿದ್ದು ಈ ಸಂಬಂಧ ಸಿಎಂ ಸಿದ್ದರಾಮಯ್ಯ ಹಾಗೂ ಡಿಸಿಎಂ ಡಿ.ಕೆ.ಶಿವಕುಮಾರ್ ಒಪ್ಪಿಗೆ ನೀಡಿದ್ದ ಹಿನ್ನಲೆಯಲ್ಲಿ ತಾಲ್ಲೂಕಿನ ರ‍್ಯಾಪ್ಟೆ ಗ್ರಾಪಂ ವ್ಯಾಪ್ತಿಯಲ್ಲಿ ಇನ್ನೂ 12ಸಾವಿರ ಎಕರೆ ಪ್ರದೇಶದಲ್ಲಿ ಸೋಲಾರ್ ಘಟಕಗಳು ಸ್ಥಾಪಿಸಲು ಚಿಂತನೆ ನಡೆಸಲಾಗಿದೆ.ಈ ಸಂಬಂಧ ಮೊದಲ ಹಂತದಲ್ಲಿ 4ಸಾವಿರ ಎಕರೆ ಜಮೀನು ನೀಡಲು ರೈತರು ಮುಂದೆ ಬಂದಿದ್ದು ಉಳಿದ 8ಸಾವಿರ ಎಕರೆ ಜಮೀನಿನ ಅಗತ್ಯವಿದೆ.ಸೋಲಾರ್ ಪಾರ್ಕ್‌ಗಳ ನಿರ್ಮಾಣಕ್ಕೆ ಗುತ್ತಿಗೆ ಆಧಾರದ ಮೇಲೆ ಸರ್ಕಾರಕ್ಕೆ ತಮ್ಮ ಜಮೀನನ್ನು
ನೀಡಿ,ಸದ್ಬಳಕೆ ಮಾಡಿಕೊಳ್ಳುವಂತೆ ಶಾಸಕರು ಕರೆ ನೀಡಿದರು.ಇಲ್ಲಿನ ರೈತರ ಸಾಲದ ಬಾಧಕಗಳ ಕುರಿತು ಮಾಹಿತಿ ಪಡೆದು ಸಂಬಂಧಪಟ್ಟ ಅಧಿಕಾರಿಗಳೊಂದಿಗೆ ಚರ್ಚಿಸಲಾಗಿದೆ.ಎಕರೆಗೆ ವಾರ್ಷಿಕವಾಗಿ 25ಸಾವಿರದ ಇನ್ನೂರು ರು ಧರ ನಿಗದಿ ಪಡಿಸಲಾಗಿದೆ.ರೈತರು ಒಪ್ಪಿಗೆ ನೀಡಿದರೆ ನಾಲೆಯಿಂದಲೇ ತಮ್ಮ ಜಮೀನುಗಳಲ್ಲಿ ಸೌರಶಕ್ತಿ ಘಟಕಗಳ ನಿರ್ಮಾಣ ಕಾಮಗಾರಿಗೆ ಚಾಲನೆ ನೀಡಲಾಗುವುದು ಎಂದು ಹೇಳಿದರು. ಜಿಲ್ಲಾಧಿಕಾರಿ ಶುಭಕಲ್ಯಾಣ್ ಮಾತನಾಡಿ,ಈ ಭಾಗದ ರೈತರ ಸಮಸ್ಯೆ ಆಲಿಸಿದ್ದೇವೆ.ಸಾಲದ ಹೊರೆಯಿಂದ ಸಂಕಷ್ಟ ಎದುರಿಸುತ್ತಿರುವ ರೈತರ ಜೀವನ ಸುಧಾರಣೆಯ ಹಿನ್ನಲೆಯಲ್ಲಿ ಶಾಸಕ ಎಚ್.ವಿ.ವೆಂಕಟೇಶ್ ಅವರ ಒತ್ತಾಯದಂತೆ
ಎಕರೆಗೆ ಪ್ರತಿವರ್ಷ 25200ರುಗಳ ಧರ ನಿಗದಿಪಡಿಸಿದ್ದು ರೈತರು ಈ ಅವಕಾಶ ಸದುಪಯೋಗಪಡಿಸಿಕೊಳ್ಳುವಂತೆ ಕರೆ ನೀಡಿದರು. ಮಾಜಿ ಸಚಿವ ವೆಂಕಟರಮಣಪ್ಪ ಮಾತನಾಡಿ,ಈ ಭಾಗದ ರೈತರ ಜಮೀನು ಗಳಿಗೆ ನೀರಾವರಿ ಸೌಲಭ್ಯವಿಲ್ಲ ಮಳೆಯಾಶ್ರಿತವಾಗಿ ರೈತರ ಜೀವನ ಕಷ್ಟವಾಗಿದೆ. ಸೋಲಾರ್ ಜಮೀನುಗಳಲ್ಲಿ ರೈತರಿಗೆ ಅನುಕೂಲವಾಗುವ ರೀತಿಯಲ್ಲಿ ಧರ ನಿಗದಿಪಡಿಸುವಂತೆ ಜಿಲ್ಲಾಧಿಕಾರಿಗಳಿಗೆ ಮನವಿ ಮಾಡಿದರು.ಗ್ರಾಮೀಣ ಭಾಗದ ರೈತರ ಜಮೀನುಗಳಲ್ಲಿ ಸೋಲಾರ್ ಘಟಕಗಳ ನಿರ್ಮಾಣದಿಂದ ರೈತರಿಗೆ ಅನುಕೂಲವಾಗಲಿದೆ. ಸೋಲಾರ್ ಘಟಕಗಳಲ್ಲಿ ಸ್ಥಳೀಯರಿಗೆ ಉದ್ಯೋಗ ನೀಡಬೇಕು. ರೈತರ ಜೀವನ ಮಟ್ಟ ಸುಧಾರಿಸಿಕೊಳ್ಳುವಂತೆ ಸಲಹೆ ನೀಡಿದರು. ರಾಜ್ಯ ಕೆಎಸ್‌ಪಿಡಿಸಿಎಲ್ ವ್ಯವಸ್ಥಾಪಕ ನಿರ್ದೇಶಕ ರುದ್ರಪ್ಪಯ್ಯ ಮಾತನಾಡಿ,ಈ ಭಾಗದಲ್ಲಿ ಸೋಲಾರ್ ಪಾರ್ಕ್‌ಗಳ
ನಿರ್ಮಾಣದಿಂದ ರೈತರ ಜೀವನ ಮಟ್ಟ ಸುಧಾರಣೆ ಆಗಲಿದೆ.ಸೌರಶಕ್ತಿ ಘಟಕಗಳಲ್ಲಿ ಸ್ಥಳೀಯರಿಗೆ ಉದ್ಯೋಗಗಳ ಸೇರಿದಂತೆ ಸೋಲಾರ್ ವತಿಯಿಂದಲೇ ಇಲ್ಲಿನ ಶಾಲಾ ಕಾಲೇಜು ರಸ್ತೆ ಚರಂಡಿ ಹಾಗೂ ಇತರೆ ಮೂಲಭೂತ ಸಮಸ್ಯೆ ನಿವಾರಣೆ ಸಾಧ್ಯವಾಗಲಿದೆ.ರೈತರು ಸದುಪಯೋಗ ಪಡಿಸಿಕೊಳ್ಳುವಂತೆ ಸಲಹೆ ನೀಡಿದರು. ಇದೇ ವೇಳೆ ತಾ.ಜಿಲ್ಲಾ ಜನ ಮುಖಂಡ ಹನುಮಂತರಾಯಪ್ಪ ಹಾಗೂ ಈ ಭಾಗದ ರೈತರ ಜಮೀನುಗಳಿಗೆ ಹೆಚ್ಚು ಬೆಲೆ ನೀಡಿ.ಸ್ಥಳೀಯರಿಗೆ ಉದ್ಯೋಗ ನೀಡಿ ಹಾಗೂ ತಲಾ ಎಕರೆಗೆ 35ಸಾವಿರ ಧರ ನಿಗದಿಪಡಿಸುವಂತೆ ಶಾಸಕ ಹಾಗೂ ಜಿಲ್ಲಾಧಿಕಾರಿ ಒತ್ತಾಯಿಸಿದರು. ಸೋಸೈಟಿ ಪಾಠಕ ಅಶೋಕ್ ಮಾತನಾಡಿ, ರೈತರ ಸಮಸ್ಯೆ ಗಂಭೀರವಾಗಿ ಪರಿಗಣಿಸಿ ತಲಾ ಎಕರೆಗೆ 30ಸಾವಿರ ಧರ ನಿಗದಿಪಡಿಸಿ ರೈತರ ಜಮೀನು ಪಡೆದು ರೈತರ ಅನುಕೂಲತೆ ಕಲ್ಪಿಸುವಂತೆ ಶಾಸಕ ಹಾಗೂ ಜಿಲ್ಲಾಧಿಕಾರಿಗೆ ಮನವಿ ಸಲ್ಲಿಸಿದರು. ರೈತರ ಸಮಸ್ಯೆ ಹಾಗೂ ಬೇಡಿಕೆಗಳನ್ನು ಆಲಿಸಿ ಅಧಿಕಾರಿಗಳಿಗೆ ಒತ್ತಾಯಿಸಿದರು. ಇದೇ ವೇಳೆ ನಿಗದಿ ಹಿನ್ನಲೆಯಲ್ಲಿ ಅನೇಕ
ಮಂದಿ ರೈತರು ಶಾಸಕ ಎಚ್.ವಿ.ವೆಂಕಟೇಶ್ ಹಾಗೂ ಜಿಲ್ಲಾಧಿಕಾರಿಗಳಿಗೆ ಅಭಿನಂದನೆ ಸಲ್ಲಿಸಿದರು. ಇದೇ ವೇಳೆ ಕೆಪಿಡಿಸಿಎಲ್‌ನ ಸಿಇಒ ಅಮರನಾಥ್,ಸೋಲಾರ್ ಪವರ್ ಡವಲಪ್‌ಮೆಂಟ್ ಎಡಿಸಿ ಶಿವಾನಂದಕರ್ಣ,ಮುಖ್ಯ ಕಾರ್ಯನಿರ್ವಾಹಕ ಎಂಜಿನಿಯರ್ ಉಮೇಶ್,ತಹಸೀಲ್ದಾರ್ ವ'ರ'ದರಾಜ್,ಇ.ಒ.ಜಾನಕಿರಾಂ,ಸಿಡಿಪಿಒ ವೆಂಕಟನ್ನಮ್ಮ,ಆರ್‌ಐ ರಾಜಶೇಖರ್, ಮಾಜಿ ಗ್ರಾಪಂ ಅಧ್ಯಕ್ಷ ನರಸಿಂಹಯ್ಯ,ಪಿ.ಎಸ್.ರಾಜೇಶ್, ಹೆಚ್.ಶಿವಕುಮಾರ್,ವಿಶೇಷ ತಹಸೀಲ್ದಾರ್ ತಂಗಕರಾಂ ಗ್ರಾಪಂ ಸದಸ್ಯರು ಹಾಗೂ ರ‍್ಯಾಪ್ಟೆ ಗ್ರಾಪಂ ಅಧ್ಯಕ್ಷೆ ಅಂಜಿನಮ್ಮ ಉಪಾಧ್ಯಕ್ಷೆ ಹಾಗೂ ಲೋಕೇಶ್ ಚೌಡರಿ,ಜಿಲ್ಲಾ ತೋಟಗಾರಿಕೆ ಉಪ ನಿರ್ದೇಶಕರಾದ ಇಂದ್ರಾಣಿಯಪ್ಪ,ತಾಲ್ಲೂಕು ಸಹಾಯಕ ನಿರ್ದೇಶಕ ಇಂದ್ರಾವಮ್ಮ, ತೋಟಗಾರಿಕೆ ಇಲಾಖೆಯ ಮುಖ್ಯ ಅಧಿಕಾರಿ ಅನಂದರೆಡ್ಡಿ,ಗ್ರಾಮಸ್ಥರು, ರೈತರು ಹಾಗೂ ಶಾಸಕರ ಆಪ್ತ ಸಹಾಯಕ ಅನಂತ ಹಾಗೂ ಕಾರ್ಯಕರ್ತರು ಉಪಸ್ಥಿತರಿದ್ದರು.
